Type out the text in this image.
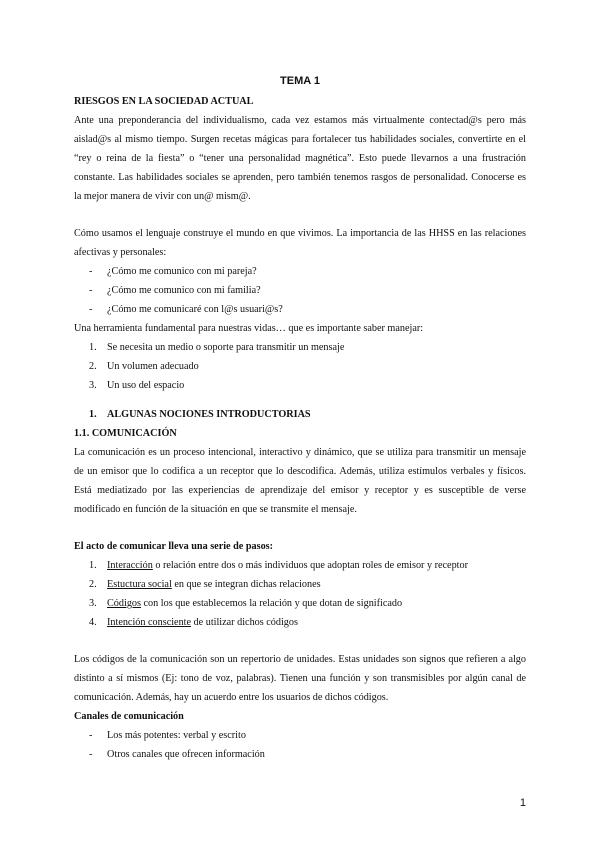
TEMA 1
RIESGOS EN LA SOCIEDAD ACTUAL

Ante una preponderancia del individualismo, cada vez estamos más virtualmente contectad@s pero más aislad@s al mismo tiempo. Surgen recetas mágicas para fortalecer tus habilidades sociales, convertirte en el “rey o reina de la fiesta” o “tener una personalidad magnética”. Esto puede llevarnos a una frustración constante. Las habilidades sociales se aprenden, pero también tenemos rasgos de personalidad. Conocerse es la mejor manera de vivir con un@ mism@.

Cómo usamos el lenguaje construye el mundo en que vivimos. La importancia de las HHSS en las relaciones afectivas y personales:

- ¿Cómo me comunico con mi pareja?
- ¿Cómo me comunico con mi familia?
- ¿Cómo me comunicaré con l@s usuari@s?

Una herramienta fundamental para nuestras vidas… que es importante saber manejar:

1. Se necesita un medio o soporte para transmitir un mensaje
2. Un volumen adecuado
3. Un uso del espacio
1. ALGUNAS NOCIONES INTRODUCTORIAS
1.1. COMUNICACIÓN

La comunicación es un proceso intencional, interactivo y dinámico, que se utiliza para transmitir un mensaje de un emisor que lo codifica a un receptor que lo descodifica. Además, utiliza estímulos verbales y físicos. Está mediatizado por las experiencias de aprendizaje del emisor y receptor y es susceptible de verse modificado en función de la situación en que se transmite el mensaje.

El acto de comunicar lleva una serie de pasos:
1. Interacción o relación entre dos o más individuos que adoptan roles de emisor y receptor
2. Estuctura social en que se integran dichas relaciones
3. Códigos con los que establecemos la relación y que dotan de significado
4. Intención consciente de utilizar dichos códigos

Los códigos de la comunicación son un repertorio de unidades. Estas unidades son signos que refieren a algo distinto a sí mismos (Ej: tono de voz, palabras). Tienen una función y son transmisibles por algún canal de comunicación. Además, hay un acuerdo entre los usuarios de dichos códigos.

Canales de comunicación
- Los más potentes: verbal y escrito
- Otros canales que ofrecen información
1
